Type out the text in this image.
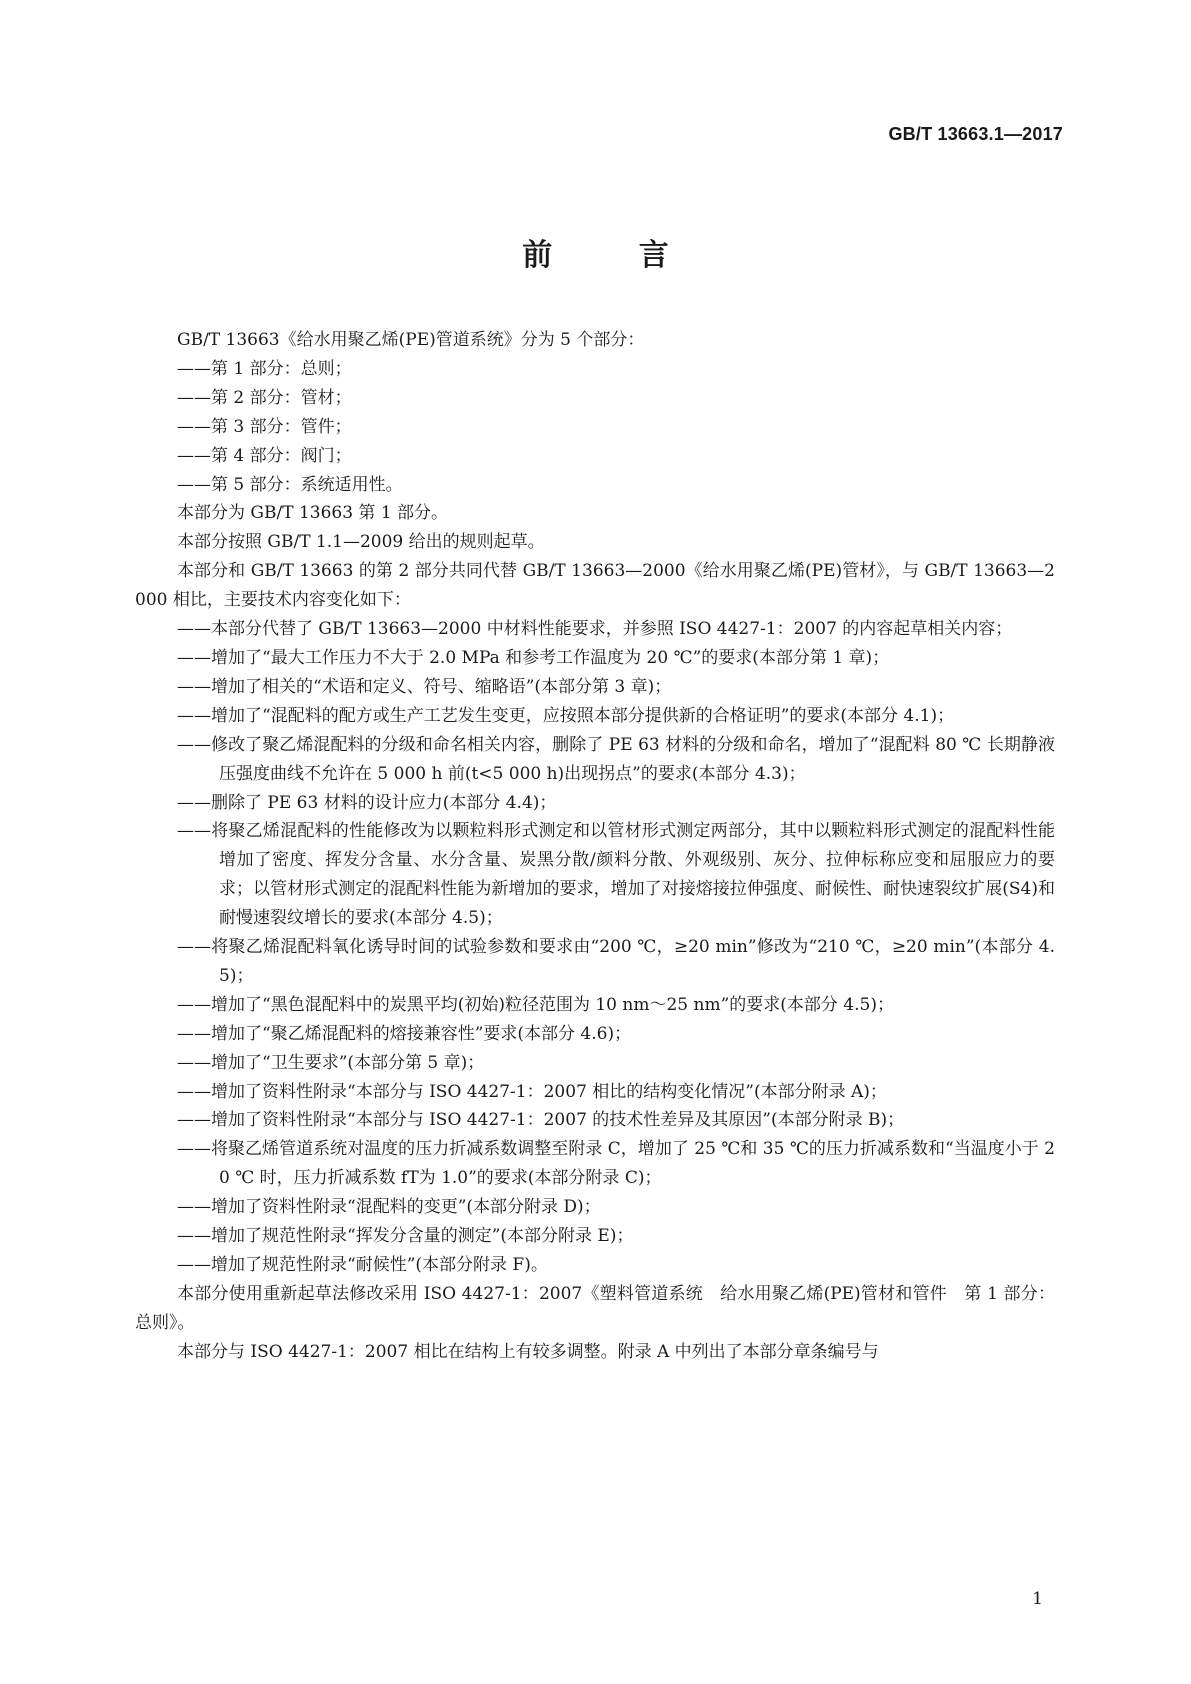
GB/T 13663.1—2017
前 言

GB/T 13663《给水用聚乙烯(PE)管道系统》分为 5 个部分：

——第 1 部分：总则；

——第 2 部分：管材；

——第 3 部分：管件；

——第 4 部分：阀门；

——第 5 部分：系统适用性。

本部分为 GB/T 13663 第 1 部分。

本部分按照 GB/T 1.1—2009 给出的规则起草。

本部分和 GB/T 13663 的第 2 部分共同代替 GB/T 13663—2000《给水用聚乙烯(PE)管材》，与 GB/T 13663—2000 相比，主要技术内容变化如下：

——本部分代替了 GB/T 13663—2000 中材料性能要求，并参照 ISO 4427-1：2007 的内容起草相关内容；

——增加了“最大工作压力不大于 2.0 MPa 和参考工作温度为 20 ℃”的要求(本部分第 1 章)；

——增加了相关的“术语和定义、符号、缩略语”(本部分第 3 章)；

——增加了“混配料的配方或生产工艺发生变更，应按照本部分提供新的合格证明”的要求(本部分 4.1)；

——修改了聚乙烯混配料的分级和命名相关内容，删除了 PE 63 材料的分级和命名，增加了“混配料 80 ℃ 长期静液压强度曲线不允许在 5 000 h 前(t<5 000 h)出现拐点”的要求(本部分 4.3)；

——删除了 PE 63 材料的设计应力(本部分 4.4)；

——将聚乙烯混配料的性能修改为以颗粒料形式测定和以管材形式测定两部分，其中以颗粒料形式测定的混配料性能增加了密度、挥发分含量、水分含量、炭黑分散/颜料分散、外观级别、灰分、拉伸标称应变和屈服应力的要求；以管材形式测定的混配料性能为新增加的要求，增加了对接熔接拉伸强度、耐候性、耐快速裂纹扩展(S4)和耐慢速裂纹增长的要求(本部分 4.5)；

——将聚乙烯混配料氧化诱导时间的试验参数和要求由“200 ℃，≥20 min”修改为“210 ℃，≥20 min”(本部分 4.5)；

——增加了“黑色混配料中的炭黑平均(初始)粒径范围为 10 nm～25 nm”的要求(本部分 4.5)；

——增加了“聚乙烯混配料的熔接兼容性”要求(本部分 4.6)；

——增加了“卫生要求”(本部分第 5 章)；

——增加了资料性附录“本部分与 ISO 4427-1：2007 相比的结构变化情况”(本部分附录 A)；

——增加了资料性附录“本部分与 ISO 4427-1：2007 的技术性差异及其原因”(本部分附录 B)；

——将聚乙烯管道系统对温度的压力折减系数调整至附录 C，增加了 25 ℃和 35 ℃的压力折减系数和“当温度小于 20 ℃ 时，压力折减系数 fT为 1.0”的要求(本部分附录 C)；

——增加了资料性附录“混配料的变更”(本部分附录 D)；

——增加了规范性附录“挥发分含量的测定”(本部分附录 E)；

——增加了规范性附录“耐候性”(本部分附录 F)。

本部分使用重新起草法修改采用 ISO 4427-1：2007《塑料管道系统　给水用聚乙烯(PE)管材和管件　第 1 部分：总则》。

本部分与 ISO 4427-1：2007 相比在结构上有较多调整。附录 A 中列出了本部分章条编号与

1
